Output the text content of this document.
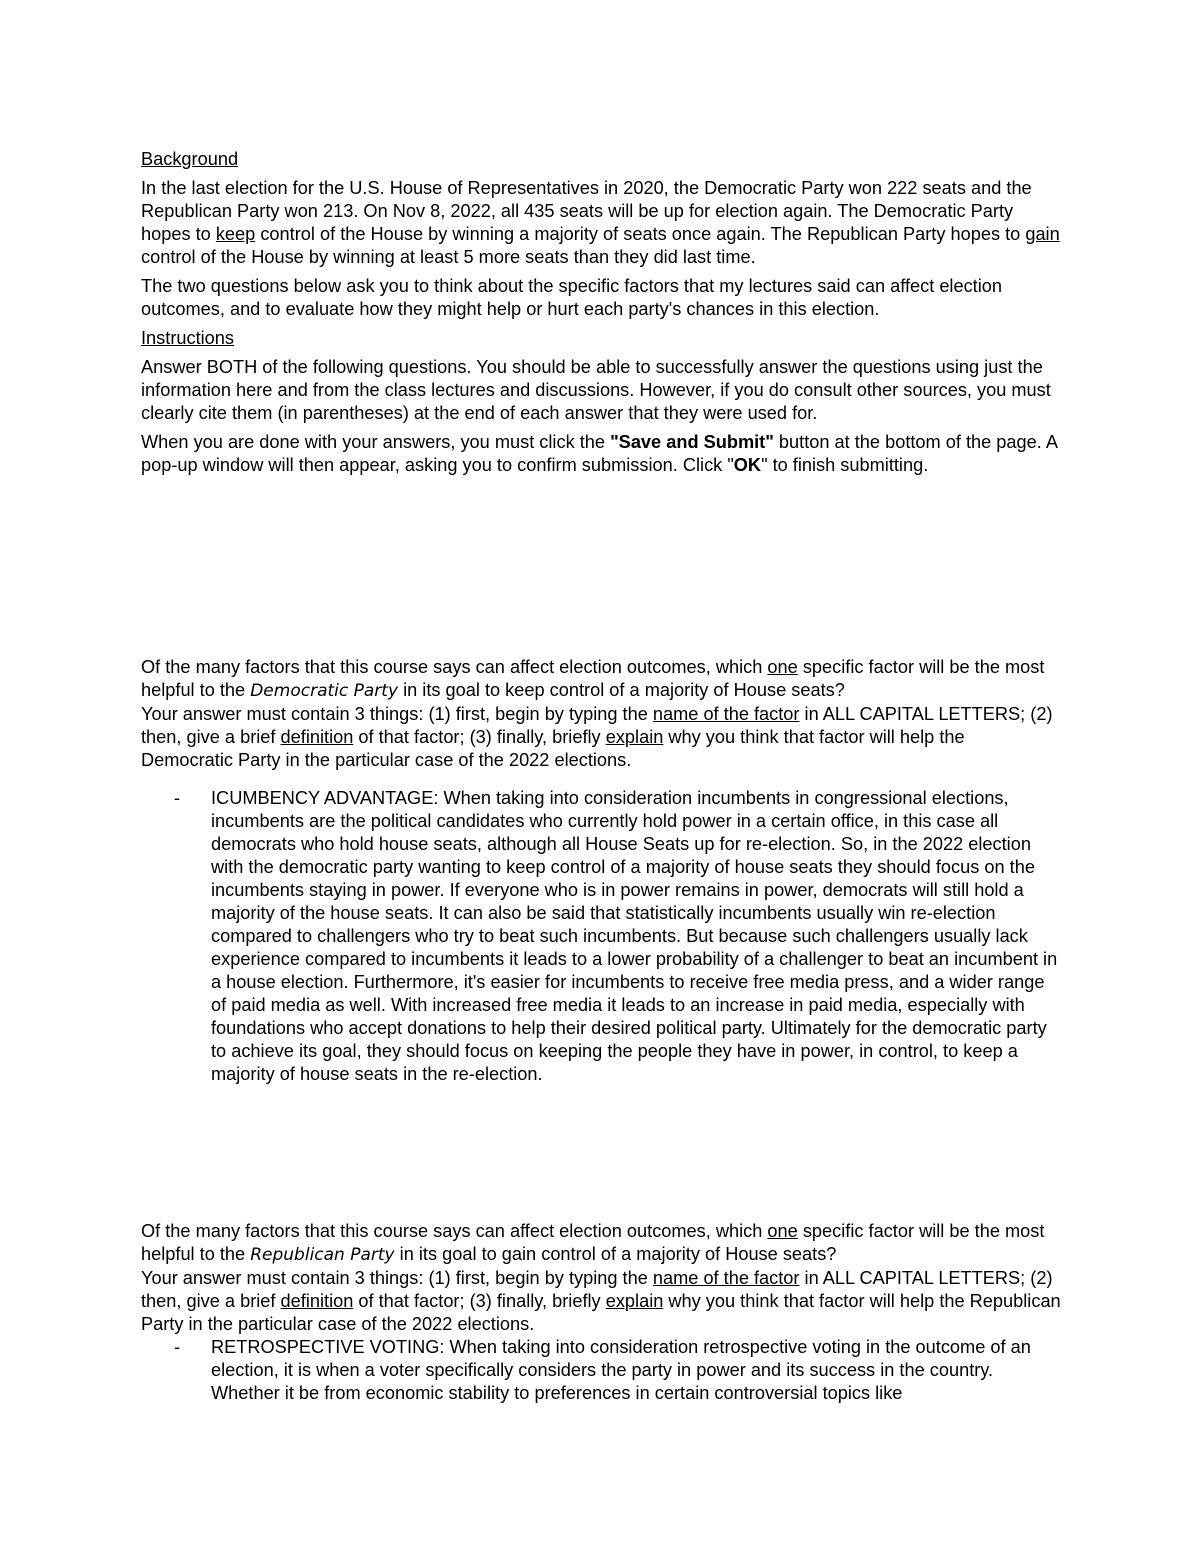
Background

In the last election for the U.S. House of Representatives in 2020, the Democratic Party won 222 seats and the Republican Party won 213. On Nov 8, 2022, all 435 seats will be up for election again. The Democratic Party hopes to keep control of the House by winning a majority of seats once again. The Republican Party hopes to gain control of the House by winning at least 5 more seats than they did last time.

The two questions below ask you to think about the specific factors that my lectures said can affect election outcomes, and to evaluate how they might help or hurt each party's chances in this election.

Instructions

Answer BOTH of the following questions. You should be able to successfully answer the questions using just the information here and from the class lectures and discussions. However, if you do consult other sources, you must clearly cite them (in parentheses) at the end of each answer that they were used for.

When you are done with your answers, you must click the "Save and Submit" button at the bottom of the page. A pop-up window will then appear, asking you to confirm submission. Click "OK" to finish submitting.

Of the many factors that this course says can affect election outcomes, which one specific factor will be the most helpful to the Democratic Party in its goal to keep control of a majority of House seats?
Your answer must contain 3 things: (1) first, begin by typing the name of the factor in ALL CAPITAL LETTERS; (2) then, give a brief definition of that factor; (3) finally, briefly explain why you think that factor will help the Democratic Party in the particular case of the 2022 elections.
- ICUMBENCY ADVANTAGE: When taking into consideration incumbents in congressional elections, incumbents are the political candidates who currently hold power in a certain office, in this case all democrats who hold house seats, although all House Seats up for re-election. So, in the 2022 election with the democratic party wanting to keep control of a majority of house seats they should focus on the incumbents staying in power. If everyone who is in power remains in power, democrats will still hold a majority of the house seats. It can also be said that statistically incumbents usually win re-election compared to challengers who try to beat such incumbents. But because such challengers usually lack experience compared to incumbents it leads to a lower probability of a challenger to beat an incumbent in a house election. Furthermore, it's easier for incumbents to receive free media press, and a wider range of paid media as well. With increased free media it leads to an increase in paid media, especially with foundations who accept donations to help their desired political party. Ultimately for the democratic party to achieve its goal, they should focus on keeping the people they have in power, in control, to keep a majority of house seats in the re-election.
Of the many factors that this course says can affect election outcomes, which one specific factor will be the most helpful to the Republican Party in its goal to gain control of a majority of House seats?
Your answer must contain 3 things: (1) first, begin by typing the name of the factor in ALL CAPITAL LETTERS; (2) then, give a brief definition of that factor; (3) finally, briefly explain why you think that factor will help the Republican Party in the particular case of the 2022 elections.
- RETROSPECTIVE VOTING: When taking into consideration retrospective voting in the outcome of an election, it is when a voter specifically considers the party in power and its success in the country. Whether it be from economic stability to preferences in certain controversial topics like
